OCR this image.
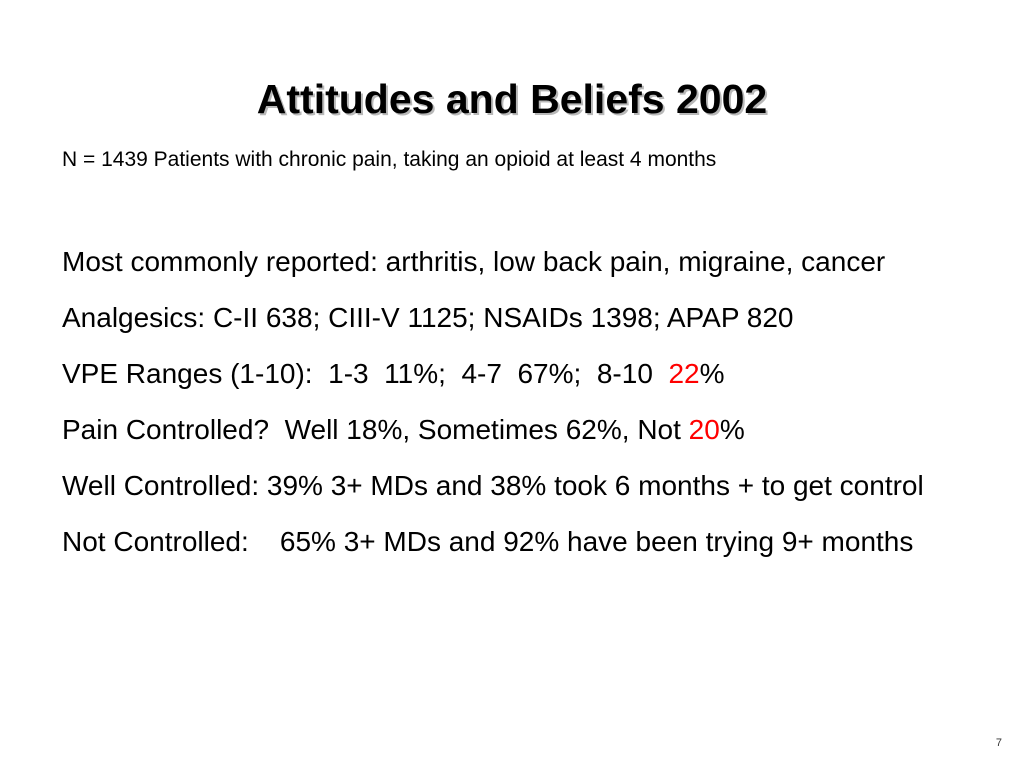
Attitudes and Beliefs 2002
N = 1439 Patients with chronic pain, taking an opioid at least 4 months
Most commonly reported: arthritis, low back pain, migraine, cancer
Analgesics: C-II 638; CIII-V 1125; NSAIDs 1398; APAP 820
VPE Ranges (1-10):  1-3  11%;  4-7  67%;  8-10  22%
Pain Controlled?  Well 18%, Sometimes 62%, Not 20%
Well Controlled: 39% 3+ MDs and 38% took 6 months + to get control
Not Controlled:    65% 3+ MDs and 92% have been trying 9+ months
7
